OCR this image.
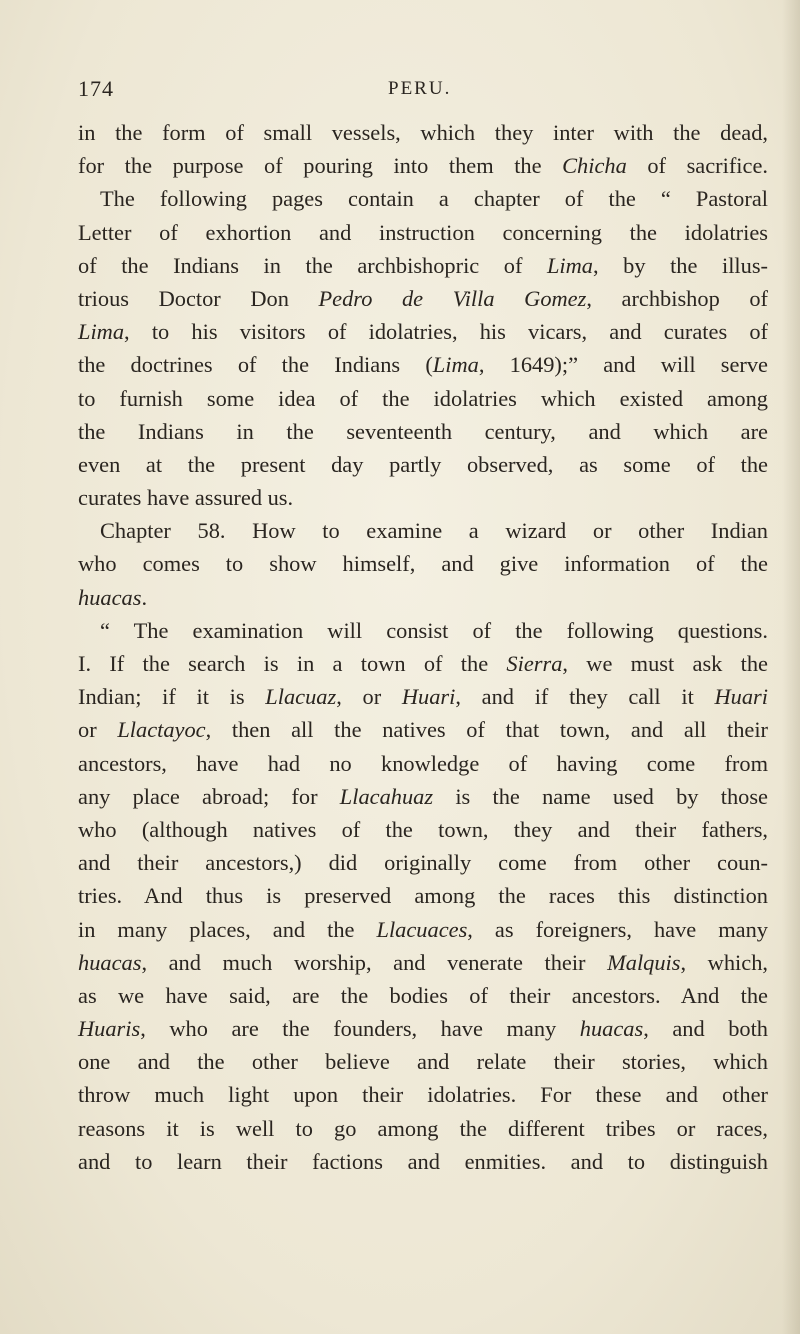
174	PERU.
in the form of small vessels, which they inter with the dead,
for the purpose of pouring into them the Chicha of sacrifice.
The following pages contain a chapter of the “ Pastoral
Letter of exhortion and instruction concerning the idolatries
of the Indians in the archbishopric of Lima, by the illus-
trious Doctor Don Pedro de Villa Gomez, archbishop of
Lima, to his visitors of idolatries, his vicars, and curates of
the doctrines of the Indians (Lima, 1649);” and will serve
to furnish some idea of the idolatries which existed among
the Indians in the seventeenth century, and which are
even at the present day partly observed, as some of the
curates have assured us.
Chapter 58. How to examine a wizard or other Indian
who comes to show himself, and give information of the
huacas.
“ The examination will consist of the following questions.
I. If the search is in a town of the Sierra, we must ask the
Indian; if it is Llacuaz, or Huari, and if they call it Huari
or Llactayoc, then all the natives of that town, and all their
ancestors, have had no knowledge of having come from
any place abroad; for Llacahuaz is the name used by those
who (although natives of the town, they and their fathers,
and their ancestors,) did originally come from other coun-
tries. And thus is preserved among the races this distinction
in many places, and the Llacuaces, as foreigners, have many
huacas, and much worship, and venerate their Malquis, which,
as we have said, are the bodies of their ancestors. And the
Huaris, who are the founders, have many huacas, and both
one and the other believe and relate their stories, which
throw much light upon their idolatries. For these and other
reasons it is well to go among the different tribes or races,
and to learn their factions and enmities. and to distinguish
